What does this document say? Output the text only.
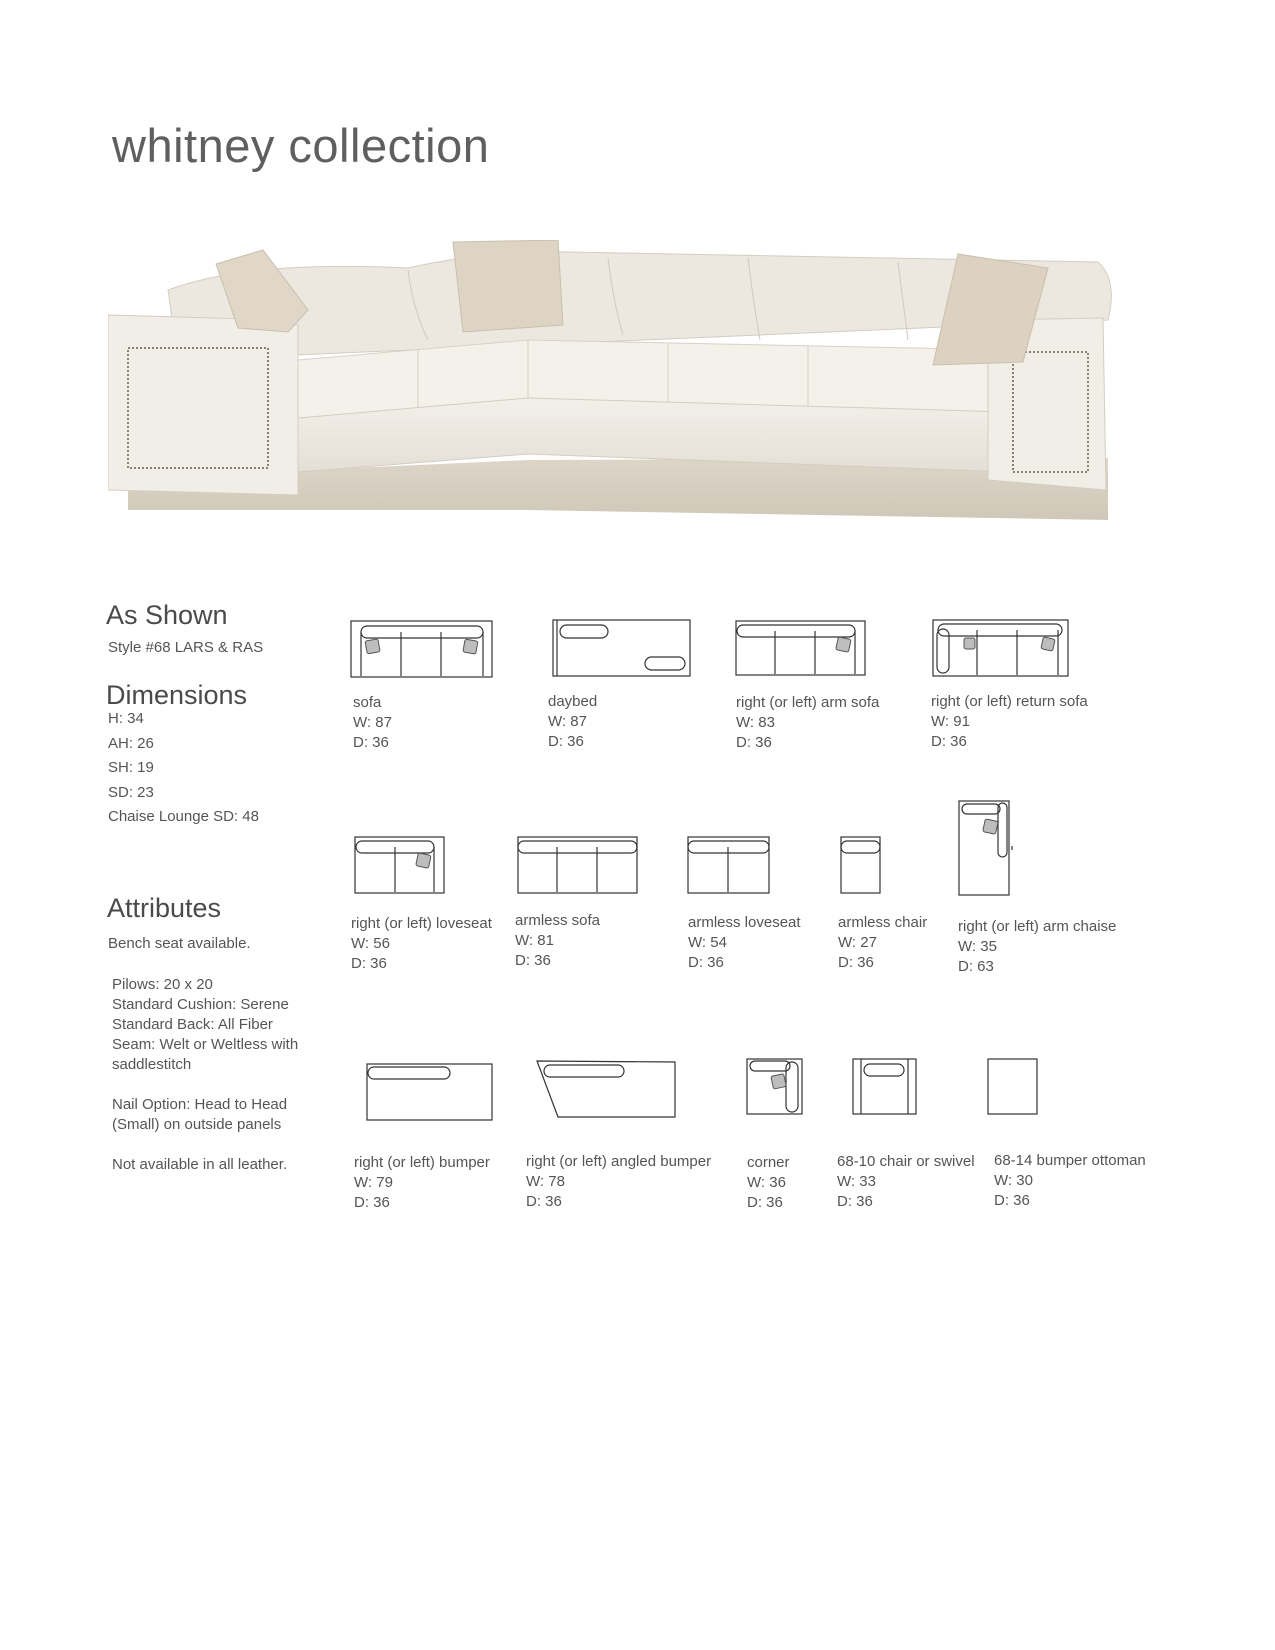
whitney collection
As Shown
Style #68 LARS & RAS
Dimensions
H: 34
AH: 26
SH: 19
SD: 23
Chaise Lounge SD: 48
Attributes
Bench seat available.

Pilows: 20 x 20
Standard Cushion: Serene
Standard Back: All Fiber
Seam: Welt or Weltless with saddlestitch

Nail Option: Head to Head (Small) on outside panels

Not available in all leather.

sofa
W: 87
D: 36
daybed
W: 87
D: 36
right (or left) arm sofa
W: 83
D: 36
right (or left) return sofa
W: 91
D: 36
right (or left) loveseat
W: 56
D: 36
armless sofa
W: 81
D: 36
armless loveseat
W: 54
D: 36
armless chair
W: 27
D: 36
right (or left) arm chaise
W: 35
D: 63
right (or left) bumper
W: 79
D: 36
right (or left) angled bumper
W: 78
D: 36
corner
W: 36
D: 36
68-10 chair or swivel
W: 33
D: 36
68-14 bumper ottoman
W: 30
D: 36
